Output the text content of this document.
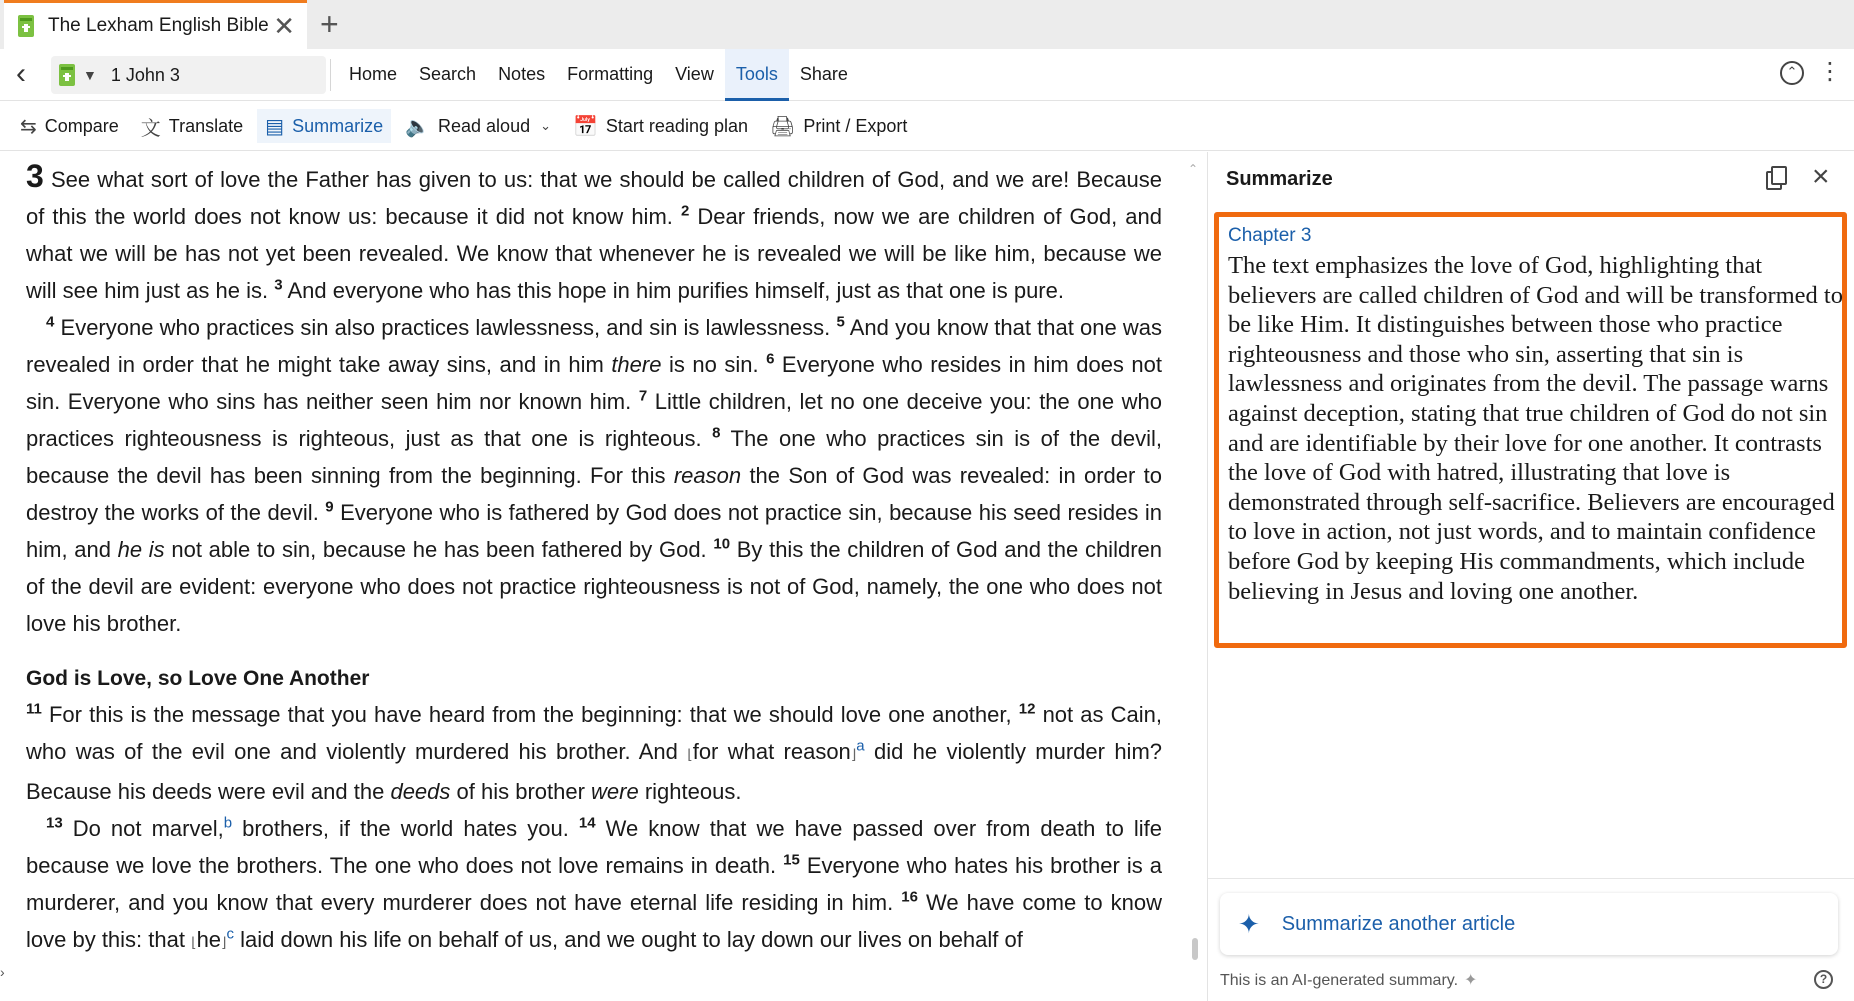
The Lexham English Bible ✕ +
‹	▼ 1 John 3	Home	Search	Notes	Formatting	View	Tools	Share	⌃ ⋮
⇆ Compare 文 Translate ▤ Summarize 🔈 Read aloud ⌄ 📅 Start reading plan 🖨 Print / Export

3 See what sort of love the Father has given to us: that we should be called children of God, and we are! Because of this the world does not know us: because it did not know him. $^2$ Dear friends, now we are children of God, and what we will be has not yet been revealed. We know that whenever he is revealed we will be like him, because we will see him just as he is. $^3$ And everyone who has this hope in him purifies himself, just as that one is pure.

$^4$ Everyone who practices sin also practices lawlessness, and sin is lawlessness. $^5$ And you know that that one was revealed in order that he might take away sins, and in him there is no sin. $^6$ Everyone who resides in him does not sin. Everyone who sins has neither seen him nor known him. $^7$ Little children, let no one deceive you: the one who practices righteousness is righteous, just as that one is righteous. $^8$ The one who practices sin is of the devil, because the devil has been sinning from the beginning. For this reason the Son of God was revealed: in order to destroy the works of the devil. $^9$ Everyone who is fathered by God does not practice sin, because his seed resides in him, and he is not able to sin, because he has been fathered by God. $^{10}$ By this the children of God and the children of the devil are evident: everyone who does not practice righteousness is not of God, namely, the one who does not love his brother.

God is Love, so Love One Another

$^{11}$ For this is the message that you have heard from the beginning: that we should love one another, $^{12}$ not as Cain, who was of the evil one and violently murdered his brother. And ⌊for what reason⌋$^a$ did he violently murder him? Because his deeds were evil and the deeds of his brother were righteous.

$^{13}$ Do not marvel,$^b$ brothers, if the world hates you. $^{14}$ We know that we have passed over from death to life because we love the brothers. The one who does not love remains in death. $^{15}$ Everyone who hates his brother is a murderer, and you know that every murderer does not have eternal life residing in him. $^{16}$ We have come to know love by this: that ⌊he⌋$^c$ laid down his life on behalf of us, and we ought to lay down our lives on behalf of

⌃
›
Summarize	×
Chapter 3
The text emphasizes the love of God, highlighting that believers are called children of God and will be transformed to be like Him. It distinguishes between those who practice righteousness and those who sin, asserting that sin is lawlessness and originates from the devil. The passage warns against deception, stating that true children of God do not sin and are identifiable by their love for one another. It contrasts the love of God with hatred, illustrating that love is demonstrated through self-sacrifice. Believers are encouraged to love in action, not just words, and to maintain confidence before God by keeping His commandments, which include believing in Jesus and loving one another.
✦ Summarize another article
This is an AI-generated summary. ✦	?
